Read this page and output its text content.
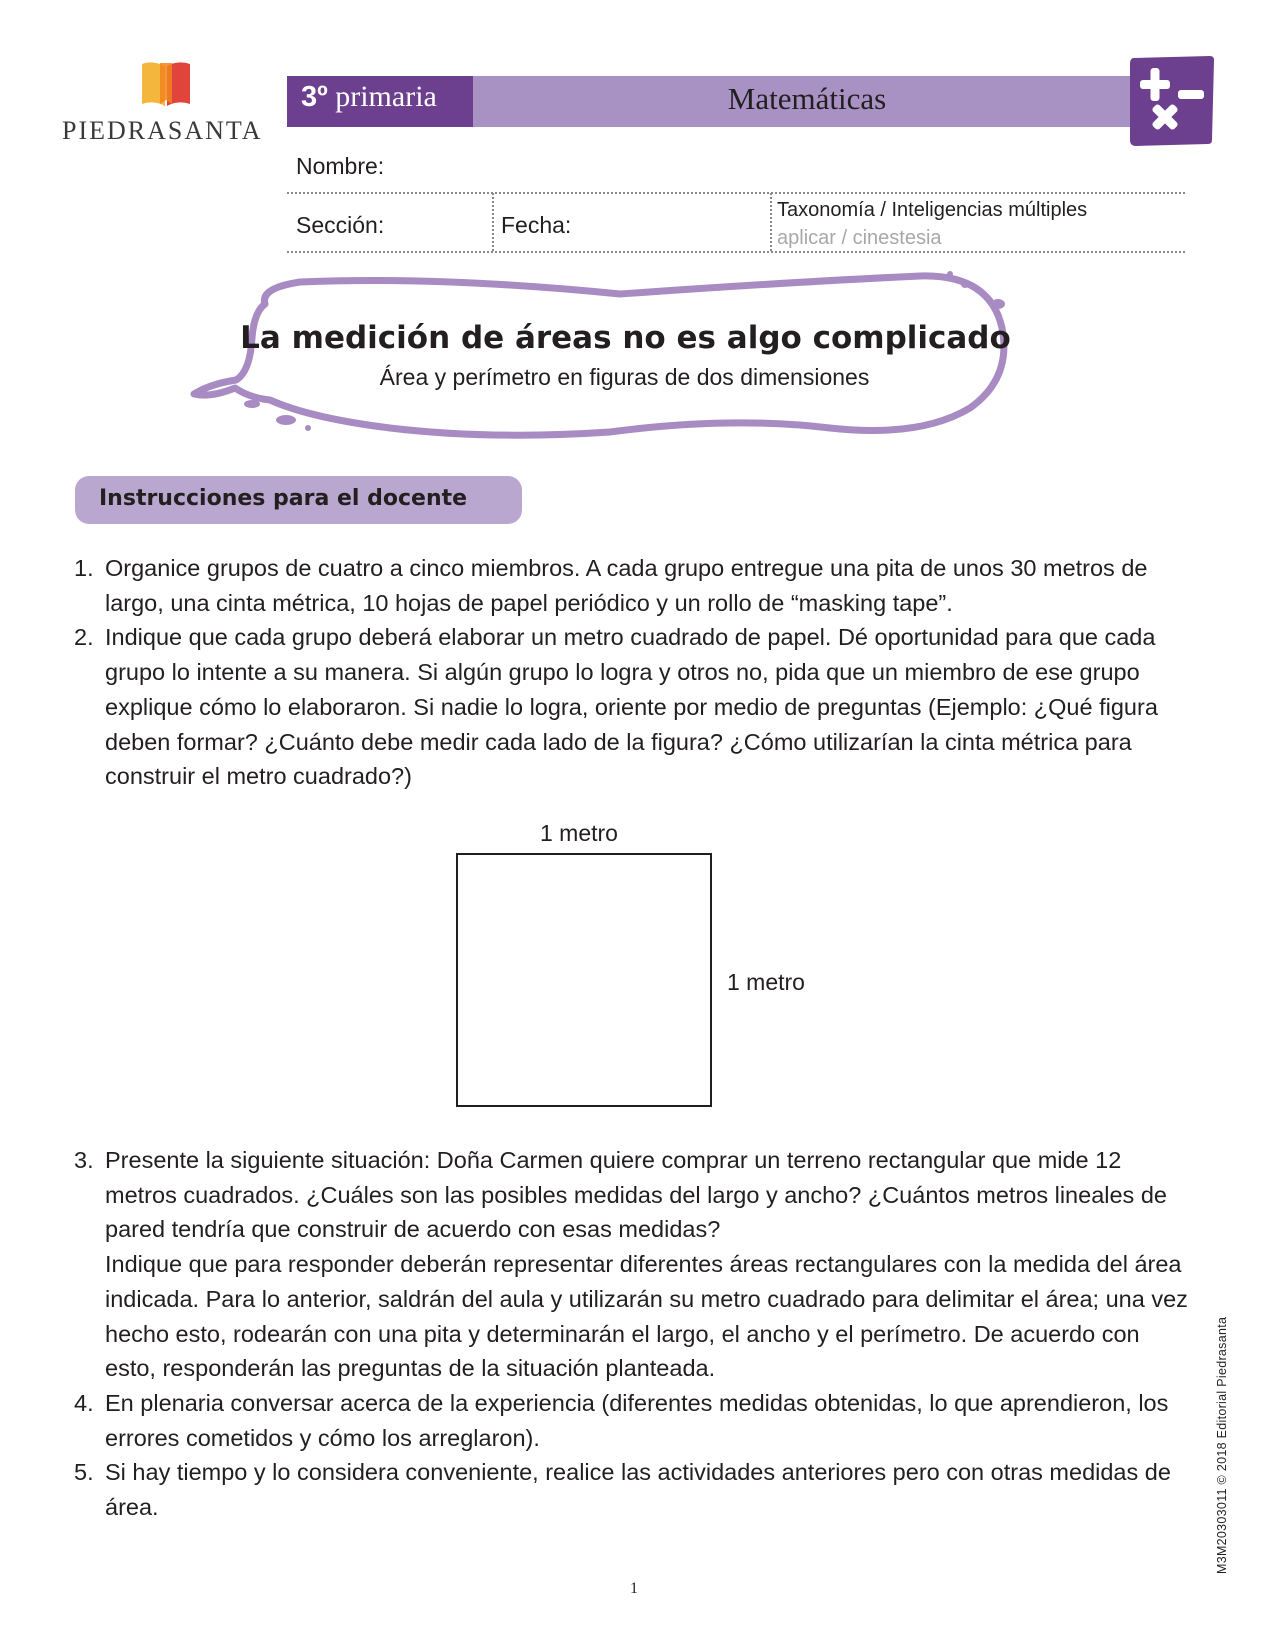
PIEDRASANTA
3º primaria	Matemáticas
Nombre:
Sección:	Fecha:
Taxonomía / Inteligencias múltiples
aplicar / cinestesia
La medición de áreas no es algo complicado
Área y perímetro en figuras de dos dimensiones
Instrucciones para el docente
1. Organice grupos de cuatro a cinco miembros. A cada grupo entregue una pita de unos 30 metros de largo, una cinta métrica, 10 hojas de papel periódico y un rollo de “masking tape”.
2. Indique que cada grupo deberá elaborar un metro cuadrado de papel. Dé oportunidad para que cada grupo lo intente a su manera. Si algún grupo lo logra y otros no, pida que un miembro de ese grupo explique cómo lo elaboraron. Si nadie lo logra, oriente por medio de preguntas (Ejemplo: ¿Qué figura deben formar? ¿Cuánto debe medir cada lado de la figura? ¿Cómo utilizarían la cinta métrica para construir el metro cuadrado?)
1 metro
1 metro
3. Presente la siguiente situación: Doña Carmen quiere comprar un terreno rectangular que mide 12 metros cuadrados. ¿Cuáles son las posibles medidas del largo y ancho? ¿Cuántos metros lineales de pared tendría que construir de acuerdo con esas medidas?
Indique que para responder deberán representar diferentes áreas rectangulares con la medida del área indicada. Para lo anterior, saldrán del aula y utilizarán su metro cuadrado para delimitar el área; una vez hecho esto, rodearán con una pita y determinarán el largo, el ancho y el perímetro. De acuerdo con esto, responderán las preguntas de la situación planteada.
4. En plenaria conversar acerca de la experiencia (diferentes medidas obtenidas, lo que aprendieron, los errores cometidos y cómo los arreglaron).
5. Si hay tiempo y lo considera conveniente, realice las actividades anteriores pero con otras medidas de área.
1
M3M20303011 © 2018 Editorial Piedrasanta
